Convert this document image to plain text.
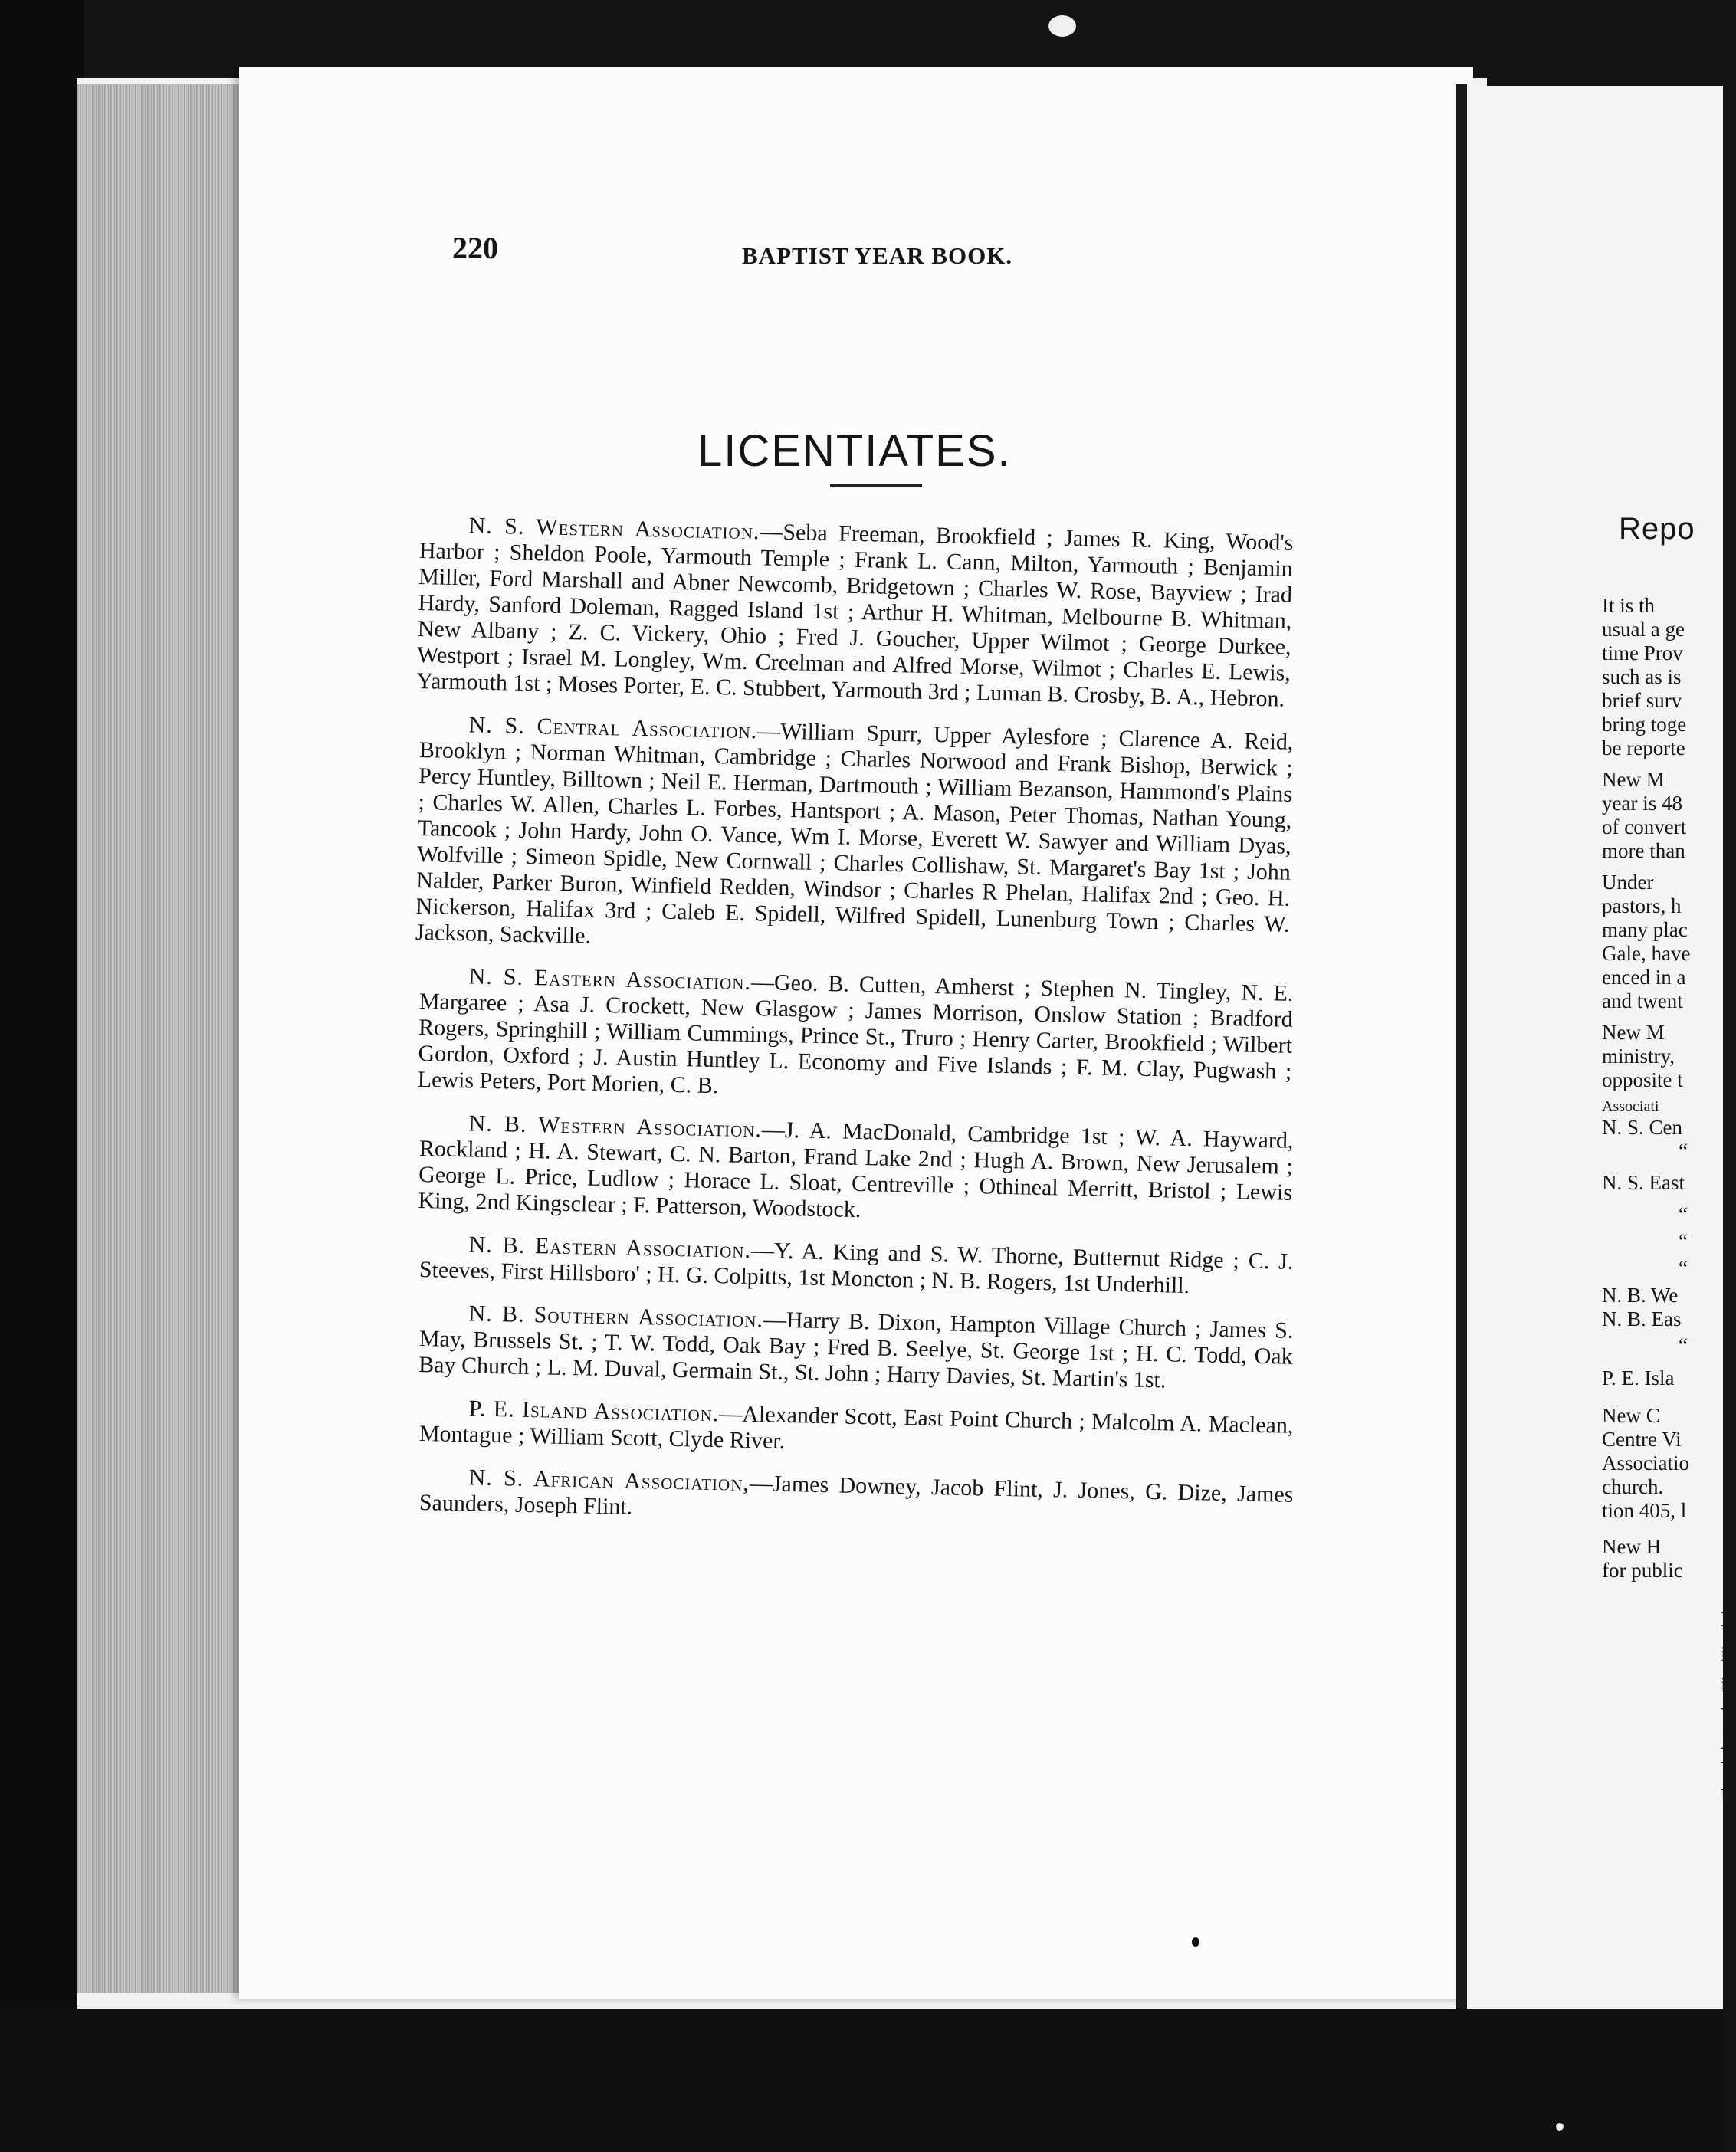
220	BAPTIST YEAR BOOK.
LICENTIATES.

N. S. Western Association.—Seba Freeman, Brookfield ; James R. King, Wood's Harbor ; Sheldon Poole, Yarmouth Temple ; Frank L. Cann, Milton, Yarmouth ; Benjamin Miller, Ford Marshall and Abner Newcomb, Bridgetown ; Charles W. Rose, Bayview ; Irad Hardy, Sanford Doleman, Ragged Island 1st ; Arthur H. Whitman, Melbourne B. Whitman, New Albany ; Z. C. Vickery, Ohio ; Fred J. Goucher, Upper Wilmot ; George Durkee, Westport ; Israel M. Longley, Wm. Creelman and Alfred Morse, Wilmot ; Charles E. Lewis, Yarmouth 1st ; Moses Porter, E. C. Stubbert, Yarmouth 3rd ; Luman B. Crosby, B. A., Hebron.

N. S. Central Association.—William Spurr, Upper Aylesfore ; Clarence A. Reid, Brooklyn ; Norman Whitman, Cambridge ; Charles Norwood and Frank Bishop, Berwick ; Percy Huntley, Billtown ; Neil E. Herman, Dartmouth ; William Bezanson, Hammond's Plains ; Charles W. Allen, Charles L. Forbes, Hantsport ; A. Mason, Peter Thomas, Nathan Young, Tancook ; John Hardy, John O. Vance, Wm I. Morse, Everett W. Sawyer and William Dyas, Wolfville ; Simeon Spidle, New Cornwall ; Charles Collishaw, St. Margaret's Bay 1st ; John Nalder, Parker Buron, Winfield Redden, Windsor ; Charles R Phelan, Halifax 2nd ; Geo. H. Nickerson, Halifax 3rd ; Caleb E. Spidell, Wilfred Spidell, Lunenburg Town ; Charles W. Jackson, Sackville.

N. S. Eastern Association.—Geo. B. Cutten, Amherst ; Stephen N. Tingley, N. E. Margaree ; Asa J. Crockett, New Glasgow ; James Morrison, Onslow Station ; Bradford Rogers, Springhill ; William Cummings, Prince St., Truro ; Henry Carter, Brookfield ; Wilbert Gordon, Oxford ; J. Austin Huntley L. Economy and Five Islands ; F. M. Clay, Pugwash ; Lewis Peters, Port Morien, C. B.

N. B. Western Association.—J. A. MacDonald, Cambridge 1st ; W. A. Hayward, Rockland ; H. A. Stewart, C. N. Barton, Frand Lake 2nd ; Hugh A. Brown, New Jerusalem ; George L. Price, Ludlow ; Horace L. Sloat, Centreville ; Othineal Merritt, Bristol ; Lewis King, 2nd Kingsclear ; F. Patterson, Woodstock.

N. B. Eastern Association.—Y. A. King and S. W. Thorne, Butternut Ridge ; C. J. Steeves, First Hillsboro' ; H. G. Colpitts, 1st Moncton ; N. B. Rogers, 1st Underhill.

N. B. Southern Association.—Harry B. Dixon, Hampton Village Church ; James S. May, Brussels St. ; T. W. Todd, Oak Bay ; Fred B. Seelye, St. George 1st ; H. C. Todd, Oak Bay Church ; L. M. Duval, Germain St., St. John ; Harry Davies, St. Martin's 1st.

P. E. Island Association.—Alexander Scott, East Point Church ; Malcolm A. Maclean, Montague ; William Scott, Clyde River.

N. S. African Association,—James Downey, Jacob Flint, J. Jones, G. Dize, James Saunders, Joseph Flint.

Repo
It is th
usual a ge
time Prov
such as is
brief surv
bring toge
be reporte
New M
year is 48
of convert
more than
Under
pastors, h
many plac
Gale, have
enced in a
and twent
New M
ministry,
opposite t
Associati
N. S. Cen
“
N. S. East
“
“
“
N. B. We
N. B. Eas
“
P. E. Isla
New C
Centre Vi
Associatio
church.
tion 405, l
New H
for public
I
i
i
V
A
Y
U
